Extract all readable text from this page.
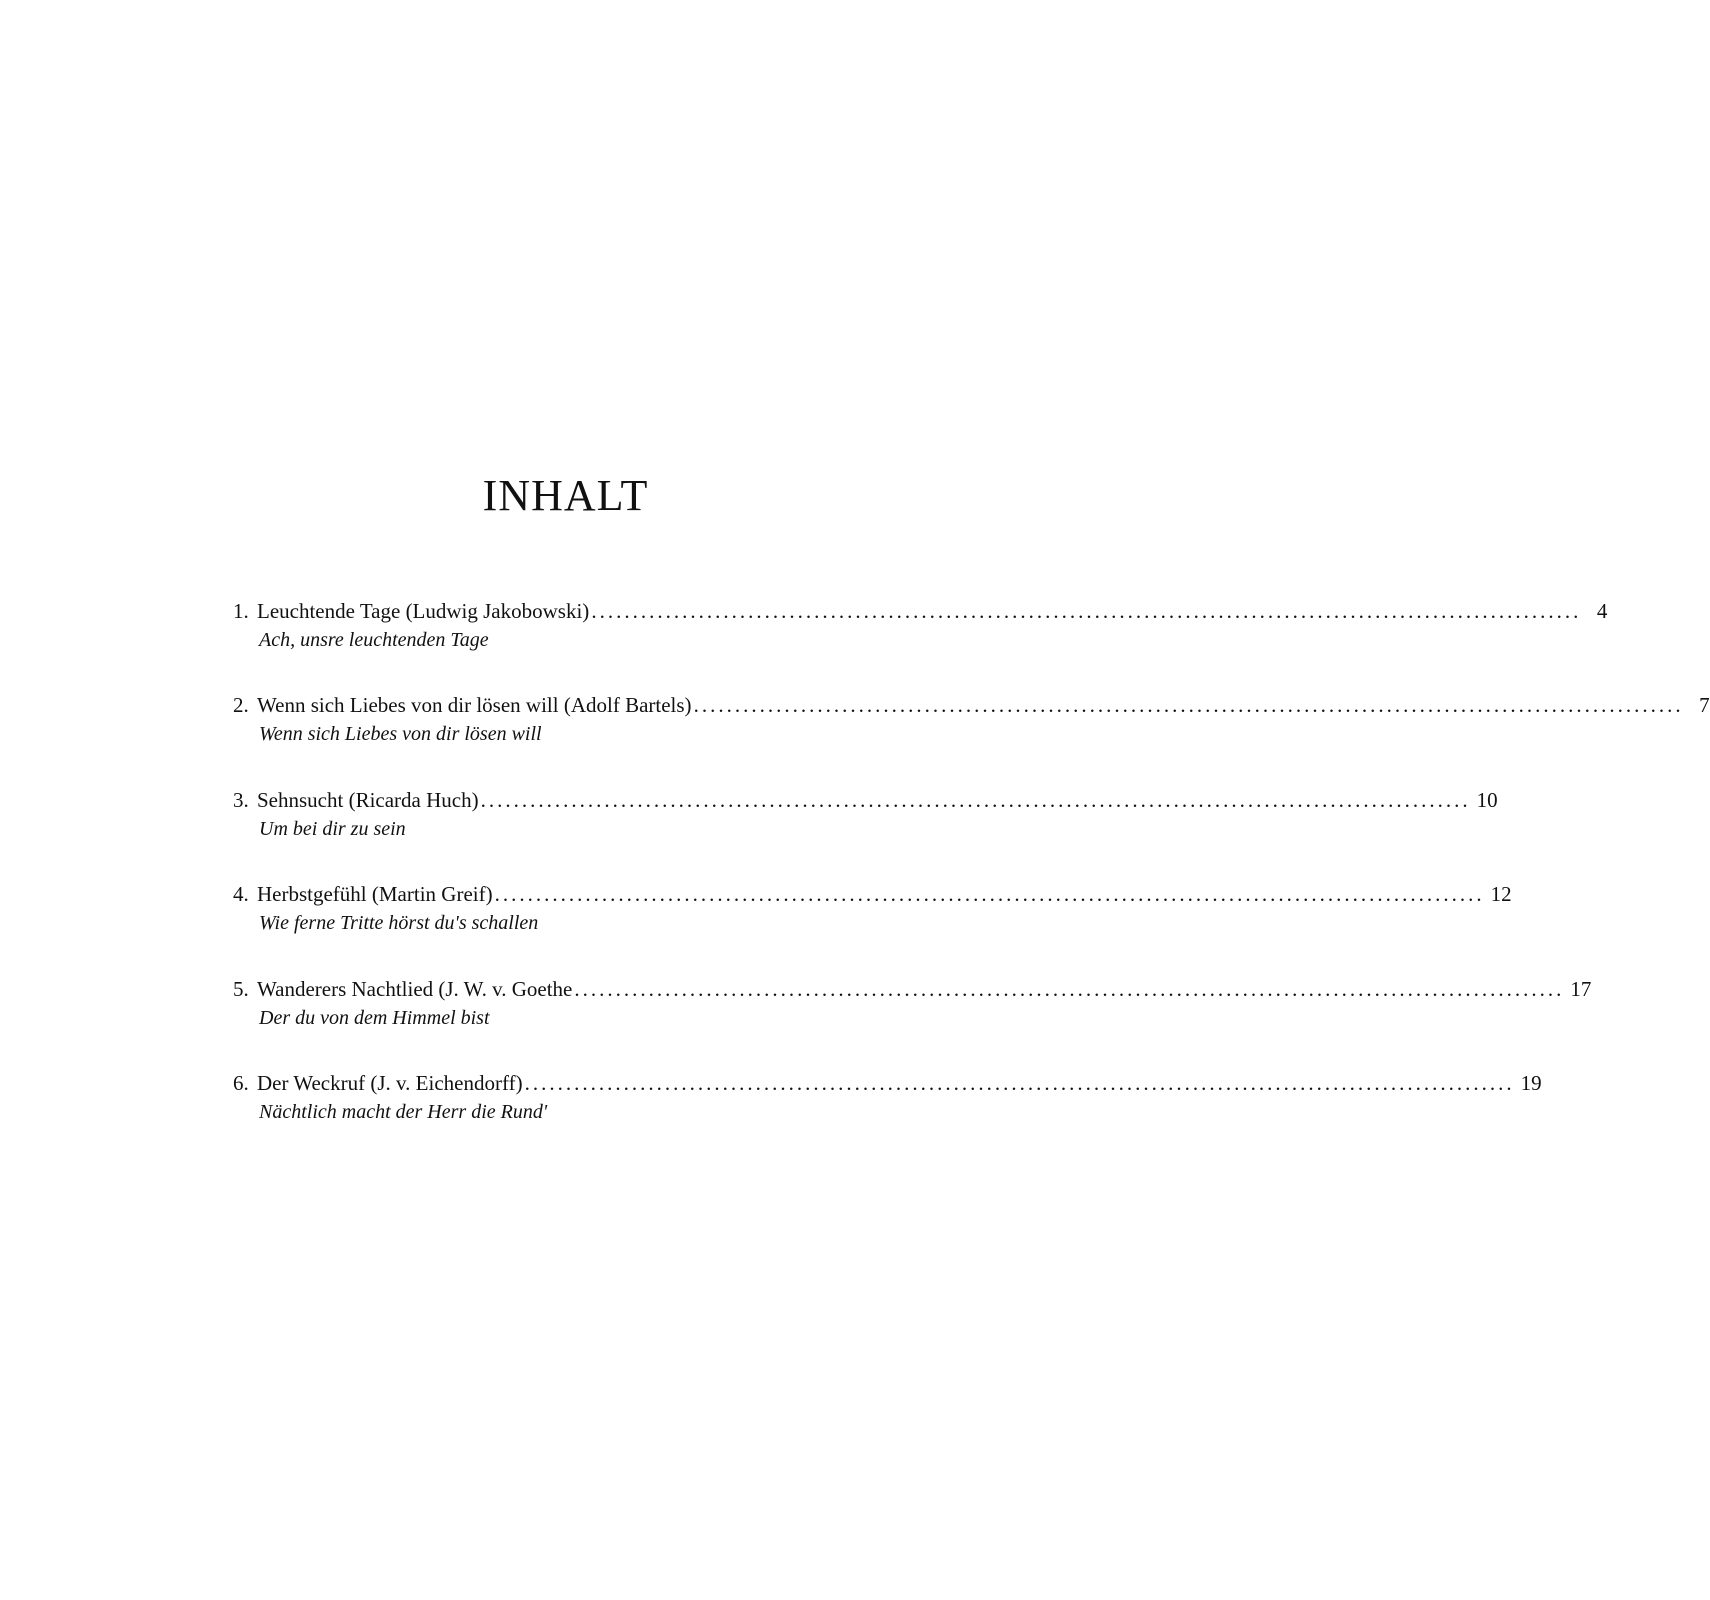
INHALT
1. Leuchtende Tage (Ludwig Jakobowski) ........................................................................................................................ 4
Ach, unsre leuchtenden Tage
2. Wenn sich Liebes von dir lösen will (Adolf Bartels) ........................................................................................................................ 7
Wenn sich Liebes von dir lösen will
3. Sehnsucht (Ricarda Huch) ........................................................................................................................ 10
Um bei dir zu sein
4. Herbstgefühl (Martin Greif) ........................................................................................................................ 12
Wie ferne Tritte hörst du's schallen
5. Wanderers Nachtlied (J. W. v. Goethe ........................................................................................................................ 17
Der du von dem Himmel bist
6. Der Weckruf (J. v. Eichendorff) ........................................................................................................................ 19
Nächtlich macht der Herr die Rund'
